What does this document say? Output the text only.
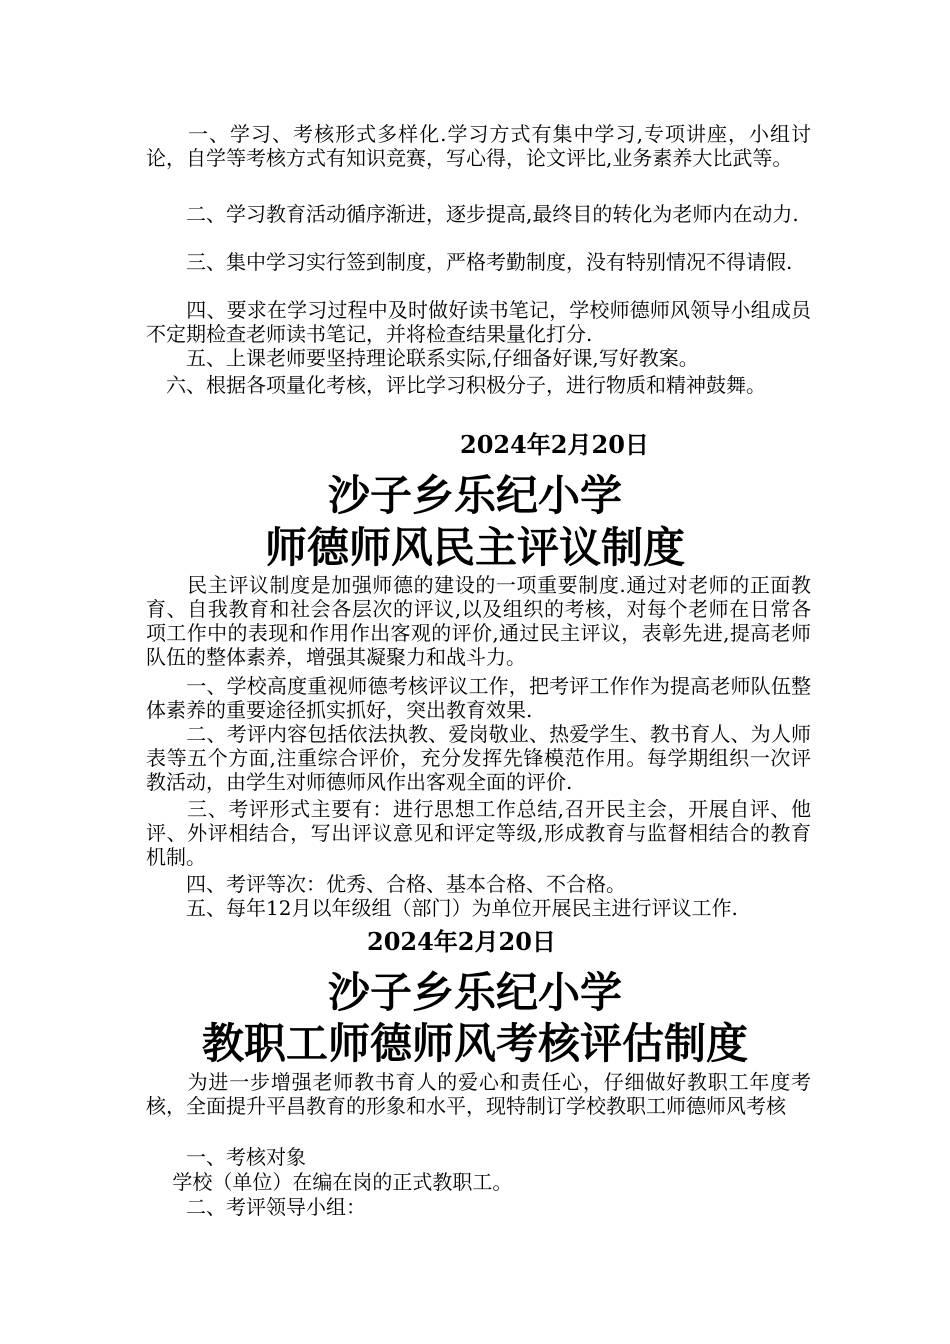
　　一、学习、考核形式多样化.学习方式有集中学习,专项讲座，小组讨论，自学等考核方式有知识竞赛，写心得，论文评比,业务素养大比武等。

　　二、学习教育活动循序渐进，逐步提高,最终目的转化为老师内在动力.

　　三、集中学习实行签到制度，严格考勤制度，没有特别情况不得请假.

　　四、要求在学习过程中及时做好读书笔记，学校师德师风领导小组成员不定期检查老师读书笔记，并将检查结果量化打分.

　　五、上课老师要坚持理论联系实际,仔细备好课,写好教案。

　六、根据各项量化考核，评比学习积极分子，进行物质和精神鼓舞。

2024年2月20日
沙子乡乐纪小学
师德师风民主评议制度

　　民主评议制度是加强师德的建设的一项重要制度.通过对老师的正面教育、自我教育和社会各层次的评议,以及组织的考核，对每个老师在日常各项工作中的表现和作用作出客观的评价,通过民主评议，表彰先进,提高老师队伍的整体素养，增强其凝聚力和战斗力。

　　一、学校高度重视师德考核评议工作，把考评工作作为提高老师队伍整体素养的重要途径抓实抓好，突出教育效果.

　　二、考评内容包括依法执教、爱岗敬业、热爱学生、教书育人、为人师表等五个方面,注重综合评价，充分发挥先锋模范作用。每学期组织一次评教活动，由学生对师德师风作出客观全面的评价.

　　三、考评形式主要有：进行思想工作总结,召开民主会，开展自评、他评、外评相结合，写出评议意见和评定等级,形成教育与监督相结合的教育机制。

　　四、考评等次：优秀、合格、基本合格、不合格。

　　五、每年12月以年级组（部门）为单位开展民主进行评议工作.

2024年2月20日
沙子乡乐纪小学
教职工师德师风考核评估制度

　　为进一步增强老师教书育人的爱心和责任心，仔细做好教职工年度考核，全面提升平昌教育的形象和水平，现特制订学校教职工师德师风考核

　　一、考核对象

　 学校（单位）在编在岗的正式教职工。

　　二、考评领导小组：
